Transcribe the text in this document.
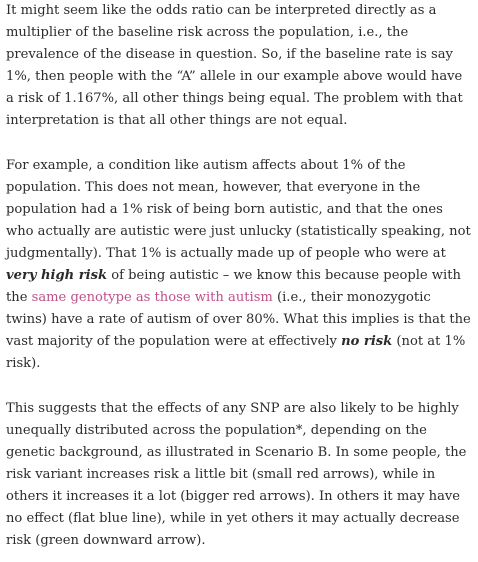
It might seem like the odds ratio can be interpreted directly as a multiplier of the baseline risk across the population, i.e., the prevalence of the disease in question. So, if the baseline rate is say 1%, then people with the “A” allele in our example above would have a risk of 1.167%, all other things being equal. The problem with that interpretation is that all other things are not equal.

For example, a condition like autism affects about 1% of the population. This does not mean, however, that everyone in the population had a 1% risk of being born autistic, and that the ones who actually are autistic were just unlucky (statistically speaking, not judgmentally). That 1% is actually made up of people who were at very high risk of being autistic – we know this because people with the same genotype as those with autism (i.e., their monozygotic twins) have a rate of autism of over 80%. What this implies is that the vast majority of the population were at effectively no risk (not at 1% risk).

This suggests that the effects of any SNP are also likely to be highly unequally distributed across the population*, depending on the genetic background, as illustrated in Scenario B. In some people, the risk variant increases risk a little bit (small red arrows), while in others it increases it a lot (bigger red arrows). In others it may have no effect (flat blue line), while in yet others it may actually decrease risk (green downward arrow).
